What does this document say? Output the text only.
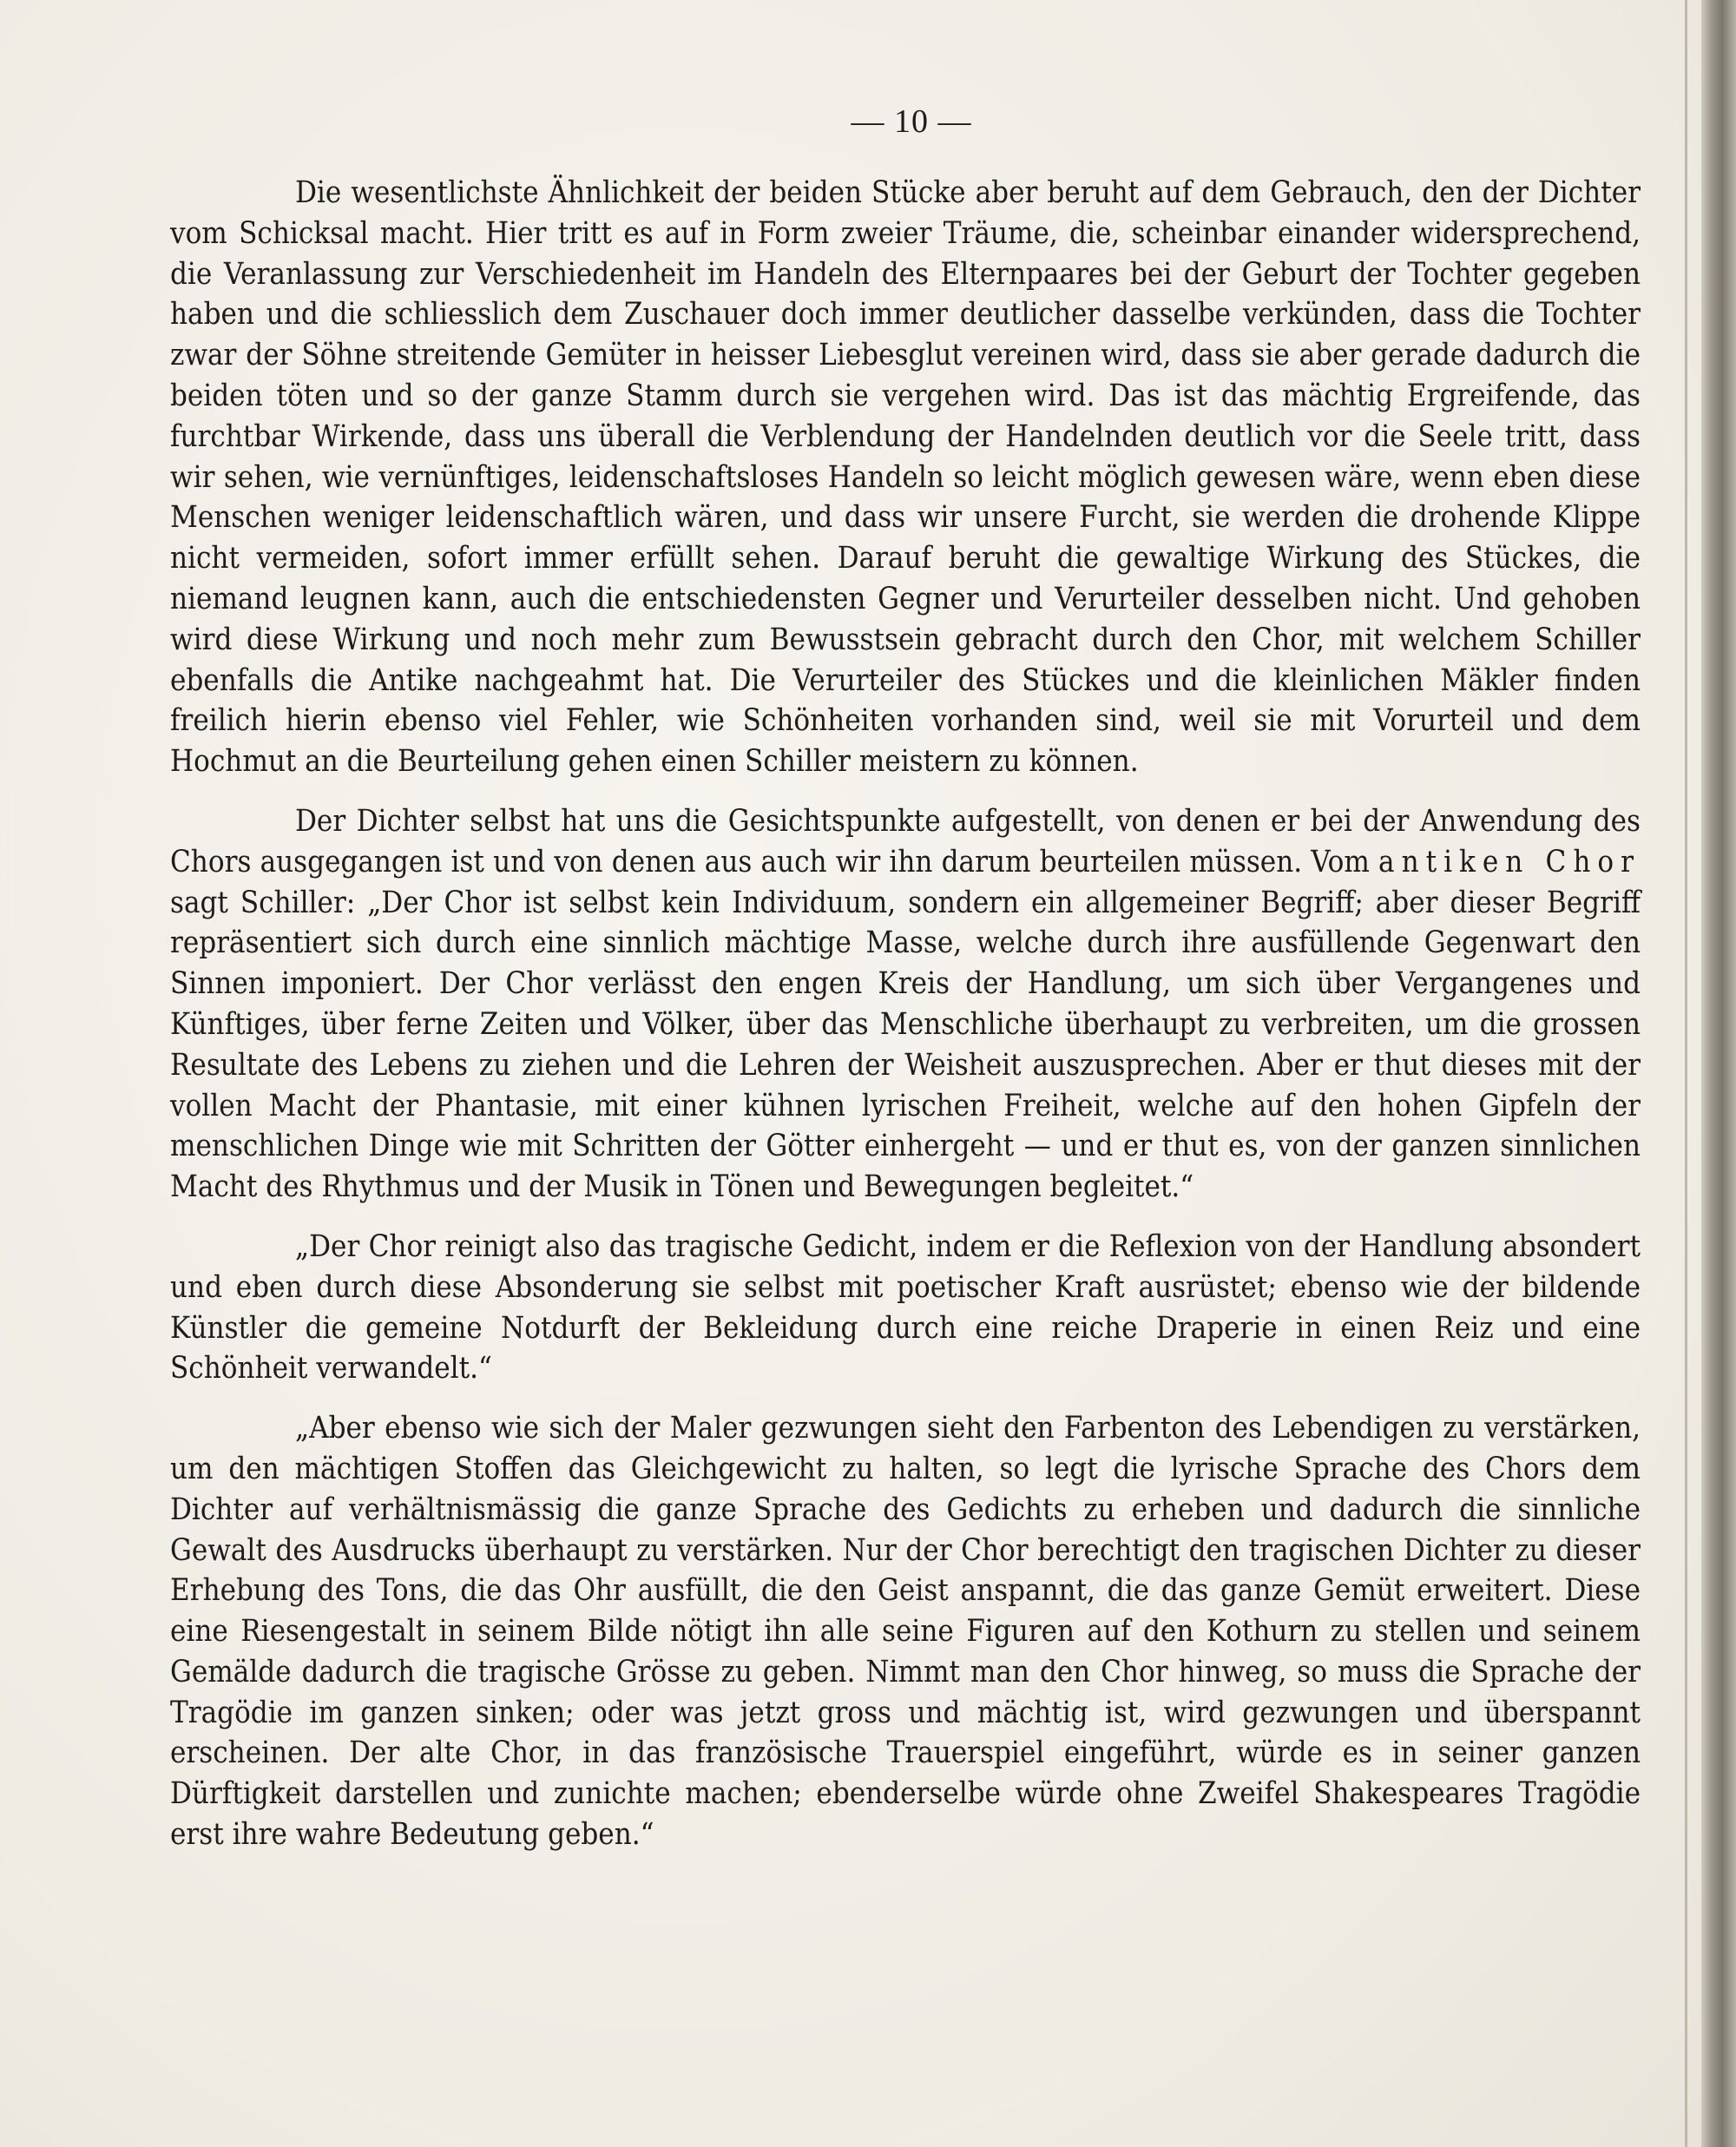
— 10 —

Die wesentlichste Ähnlichkeit der beiden Stücke aber beruht auf dem Gebrauch, den der Dichter vom Schicksal macht. Hier tritt es auf in Form zweier Träume, die, scheinbar einander widersprechend, die Veranlassung zur Verschiedenheit im Handeln des Elternpaares bei der Geburt der Tochter gegeben haben und die schliesslich dem Zuschauer doch immer deutlicher dasselbe verkünden, dass die Tochter zwar der Söhne streitende Gemüter in heisser Liebesglut vereinen wird, dass sie aber gerade dadurch die beiden töten und so der ganze Stamm durch sie vergehen wird. Das ist das mächtig Ergreifende, das furchtbar Wirkende, dass uns überall die Verblendung der Handelnden deutlich vor die Seele tritt, dass wir sehen, wie vernünftiges, leidenschaftsloses Handeln so leicht möglich gewesen wäre, wenn eben diese Menschen weniger leidenschaftlich wären, und dass wir unsere Furcht, sie werden die drohende Klippe nicht vermeiden, sofort immer erfüllt sehen. Darauf beruht die gewaltige Wirkung des Stückes, die niemand leugnen kann, auch die entschiedensten Gegner und Verurteiler desselben nicht. Und gehoben wird diese Wirkung und noch mehr zum Bewusstsein gebracht durch den Chor, mit welchem Schiller ebenfalls die Antike nachgeahmt hat. Die Verurteiler des Stückes und die kleinlichen Mäkler finden freilich hierin ebenso viel Fehler, wie Schönheiten vorhanden sind, weil sie mit Vorurteil und dem Hochmut an die Beurteilung gehen einen Schiller meistern zu können.

Der Dichter selbst hat uns die Gesichtspunkte aufgestellt, von denen er bei der Anwendung des Chors ausgegangen ist und von denen aus auch wir ihn darum beurteilen müssen. Vom antiken Chor sagt Schiller: „Der Chor ist selbst kein Individuum, sondern ein allgemeiner Begriff; aber dieser Begriff repräsentiert sich durch eine sinnlich mächtige Masse, welche durch ihre ausfüllende Gegenwart den Sinnen imponiert. Der Chor verlässt den engen Kreis der Handlung, um sich über Vergangenes und Künftiges, über ferne Zeiten und Völker, über das Menschliche überhaupt zu verbreiten, um die grossen Resultate des Lebens zu ziehen und die Lehren der Weisheit auszusprechen. Aber er thut dieses mit der vollen Macht der Phantasie, mit einer kühnen lyrischen Freiheit, welche auf den hohen Gipfeln der menschlichen Dinge wie mit Schritten der Götter einhergeht — und er thut es, von der ganzen sinnlichen Macht des Rhythmus und der Musik in Tönen und Bewegungen begleitet.“

„Der Chor reinigt also das tragische Gedicht, indem er die Reflexion von der Handlung absondert und eben durch diese Absonderung sie selbst mit poetischer Kraft ausrüstet; ebenso wie der bildende Künstler die gemeine Notdurft der Bekleidung durch eine reiche Draperie in einen Reiz und eine Schönheit verwandelt.“

„Aber ebenso wie sich der Maler gezwungen sieht den Farbenton des Lebendigen zu verstärken, um den mächtigen Stoffen das Gleichgewicht zu halten, so legt die lyrische Sprache des Chors dem Dichter auf verhältnismässig die ganze Sprache des Gedichts zu erheben und dadurch die sinnliche Gewalt des Ausdrucks überhaupt zu verstärken. Nur der Chor berechtigt den tragischen Dichter zu dieser Erhebung des Tons, die das Ohr ausfüllt, die den Geist anspannt, die das ganze Gemüt erweitert. Diese eine Riesengestalt in seinem Bilde nötigt ihn alle seine Figuren auf den Kothurn zu stellen und seinem Gemälde dadurch die tragische Grösse zu geben. Nimmt man den Chor hinweg, so muss die Sprache der Tragödie im ganzen sinken; oder was jetzt gross und mächtig ist, wird gezwungen und überspannt erscheinen. Der alte Chor, in das französische Trauerspiel eingeführt, würde es in seiner ganzen Dürftigkeit darstellen und zunichte machen; ebenderselbe würde ohne Zweifel Shakespeares Tragödie erst ihre wahre Bedeutung geben.“
